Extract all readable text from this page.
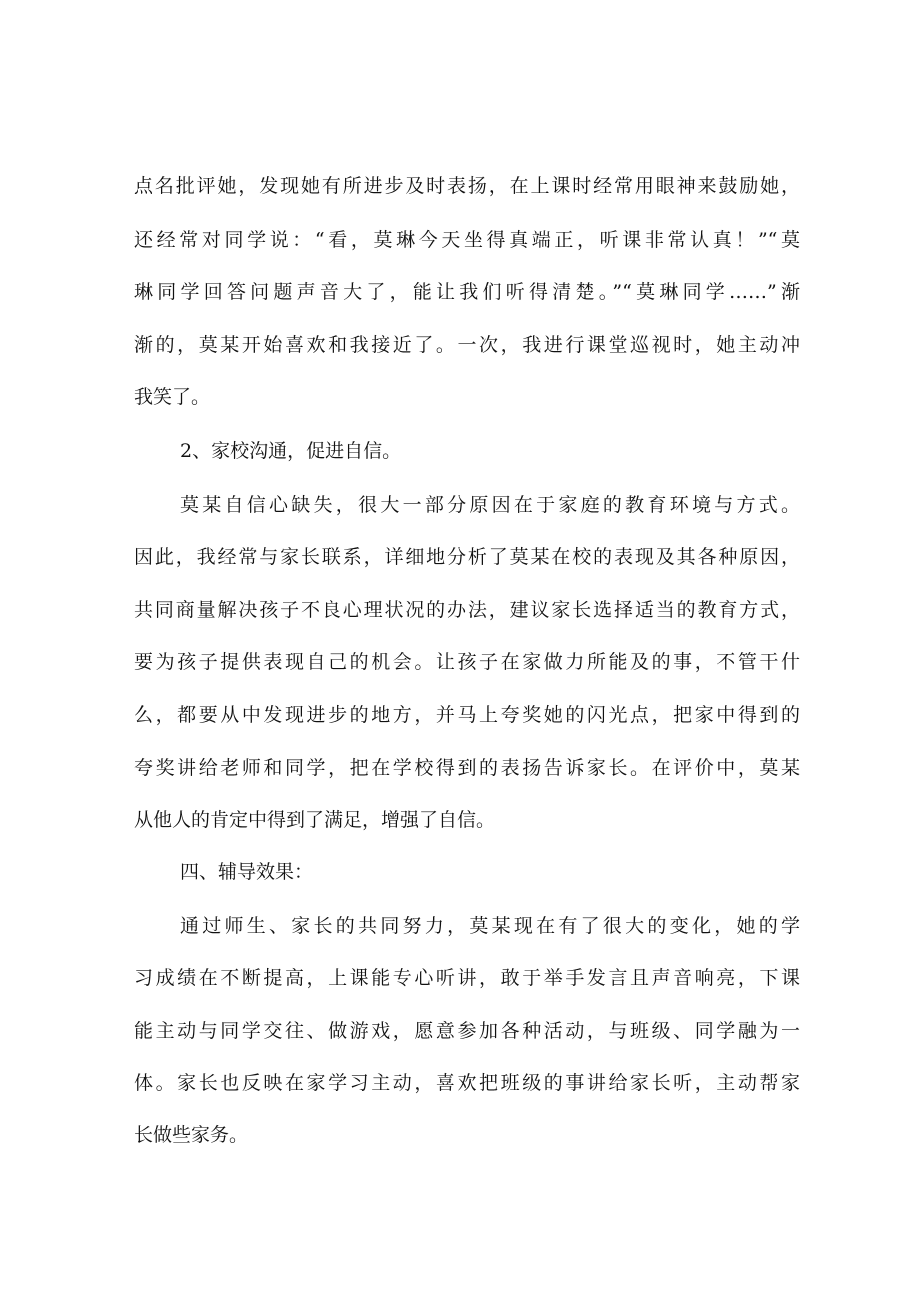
点名批评她，发现她有所进步及时表扬，在上课时经常用眼神来鼓励她，
还经常对同学说：“看，莫琳今天坐得真端正，听课非常认真！”“莫
琳同学回答问题声音大了，能让我们听得清楚。”“莫琳同学……”渐
渐的，莫某开始喜欢和我接近了。一次，我进行课堂巡视时，她主动冲
我笑了。
2、家校沟通，促进自信。
莫某自信心缺失，很大一部分原因在于家庭的教育环境与方式。
因此，我经常与家长联系，详细地分析了莫某在校的表现及其各种原因，
共同商量解决孩子不良心理状况的办法，建议家长选择适当的教育方式，
要为孩子提供表现自己的机会。让孩子在家做力所能及的事，不管干什
么，都要从中发现进步的地方，并马上夸奖她的闪光点，把家中得到的
夸奖讲给老师和同学，把在学校得到的表扬告诉家长。在评价中，莫某
从他人的肯定中得到了满足，增强了自信。
四、辅导效果：
通过师生、家长的共同努力，莫某现在有了很大的变化，她的学
习成绩在不断提高，上课能专心听讲，敢于举手发言且声音响亮，下课
能主动与同学交往、做游戏，愿意参加各种活动，与班级、同学融为一
体。家长也反映在家学习主动，喜欢把班级的事讲给家长听，主动帮家
长做些家务。
